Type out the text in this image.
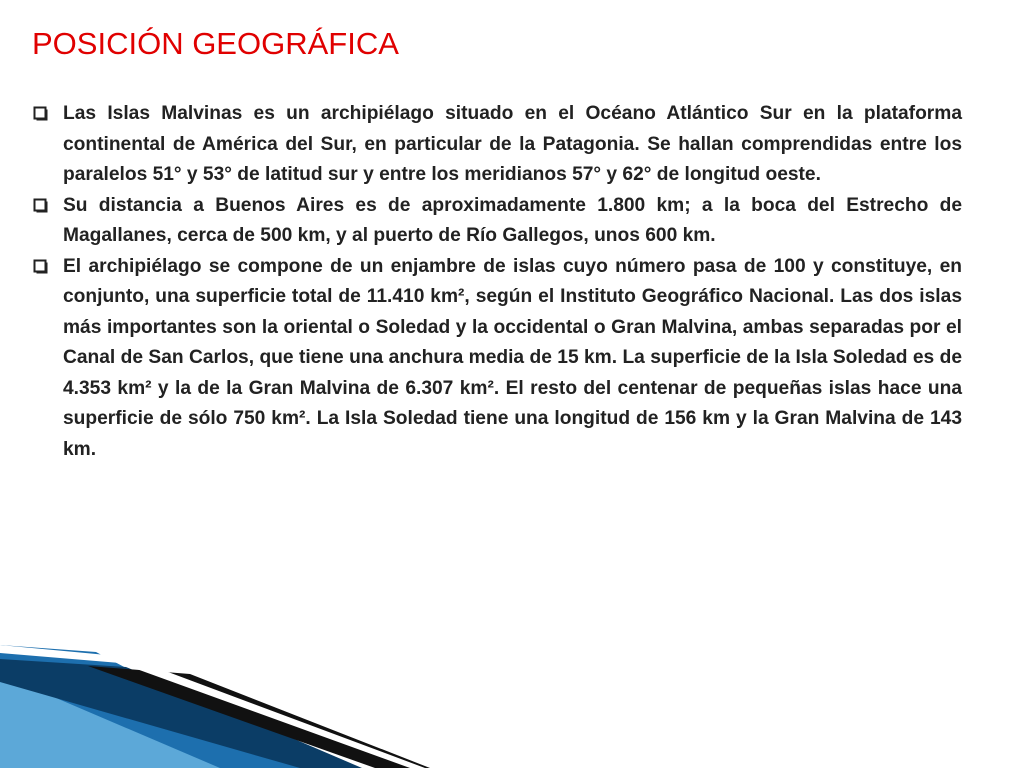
POSICIÓN GEOGRÁFICA
Las Islas Malvinas es un archipiélago situado en el Océano Atlántico Sur en la plataforma continental de América del Sur, en particular de la Patagonia. Se hallan comprendidas entre los paralelos 51° y 53° de latitud sur y entre los meridianos 57° y 62° de longitud oeste.
Su distancia a Buenos Aires es de aproximadamente 1.800 km; a la boca del Estrecho de Magallanes, cerca de 500 km, y al puerto de Río Gallegos, unos 600 km.
El archipiélago se compone de un enjambre de islas cuyo número pasa de 100 y constituye, en conjunto, una superficie total de 11.410 km², según el Instituto Geográfico Nacional. Las dos islas más importantes son la oriental o Soledad y la occidental o Gran Malvina, ambas separadas por el Canal de San Carlos, que tiene una anchura media de 15 km. La superficie de la Isla Soledad es de 4.353 km² y la de la Gran Malvina de 6.307 km². El resto del centenar de pequeñas islas hace una superficie de sólo 750 km². La Isla Soledad tiene una longitud de 156 km y la Gran Malvina de 143 km.
